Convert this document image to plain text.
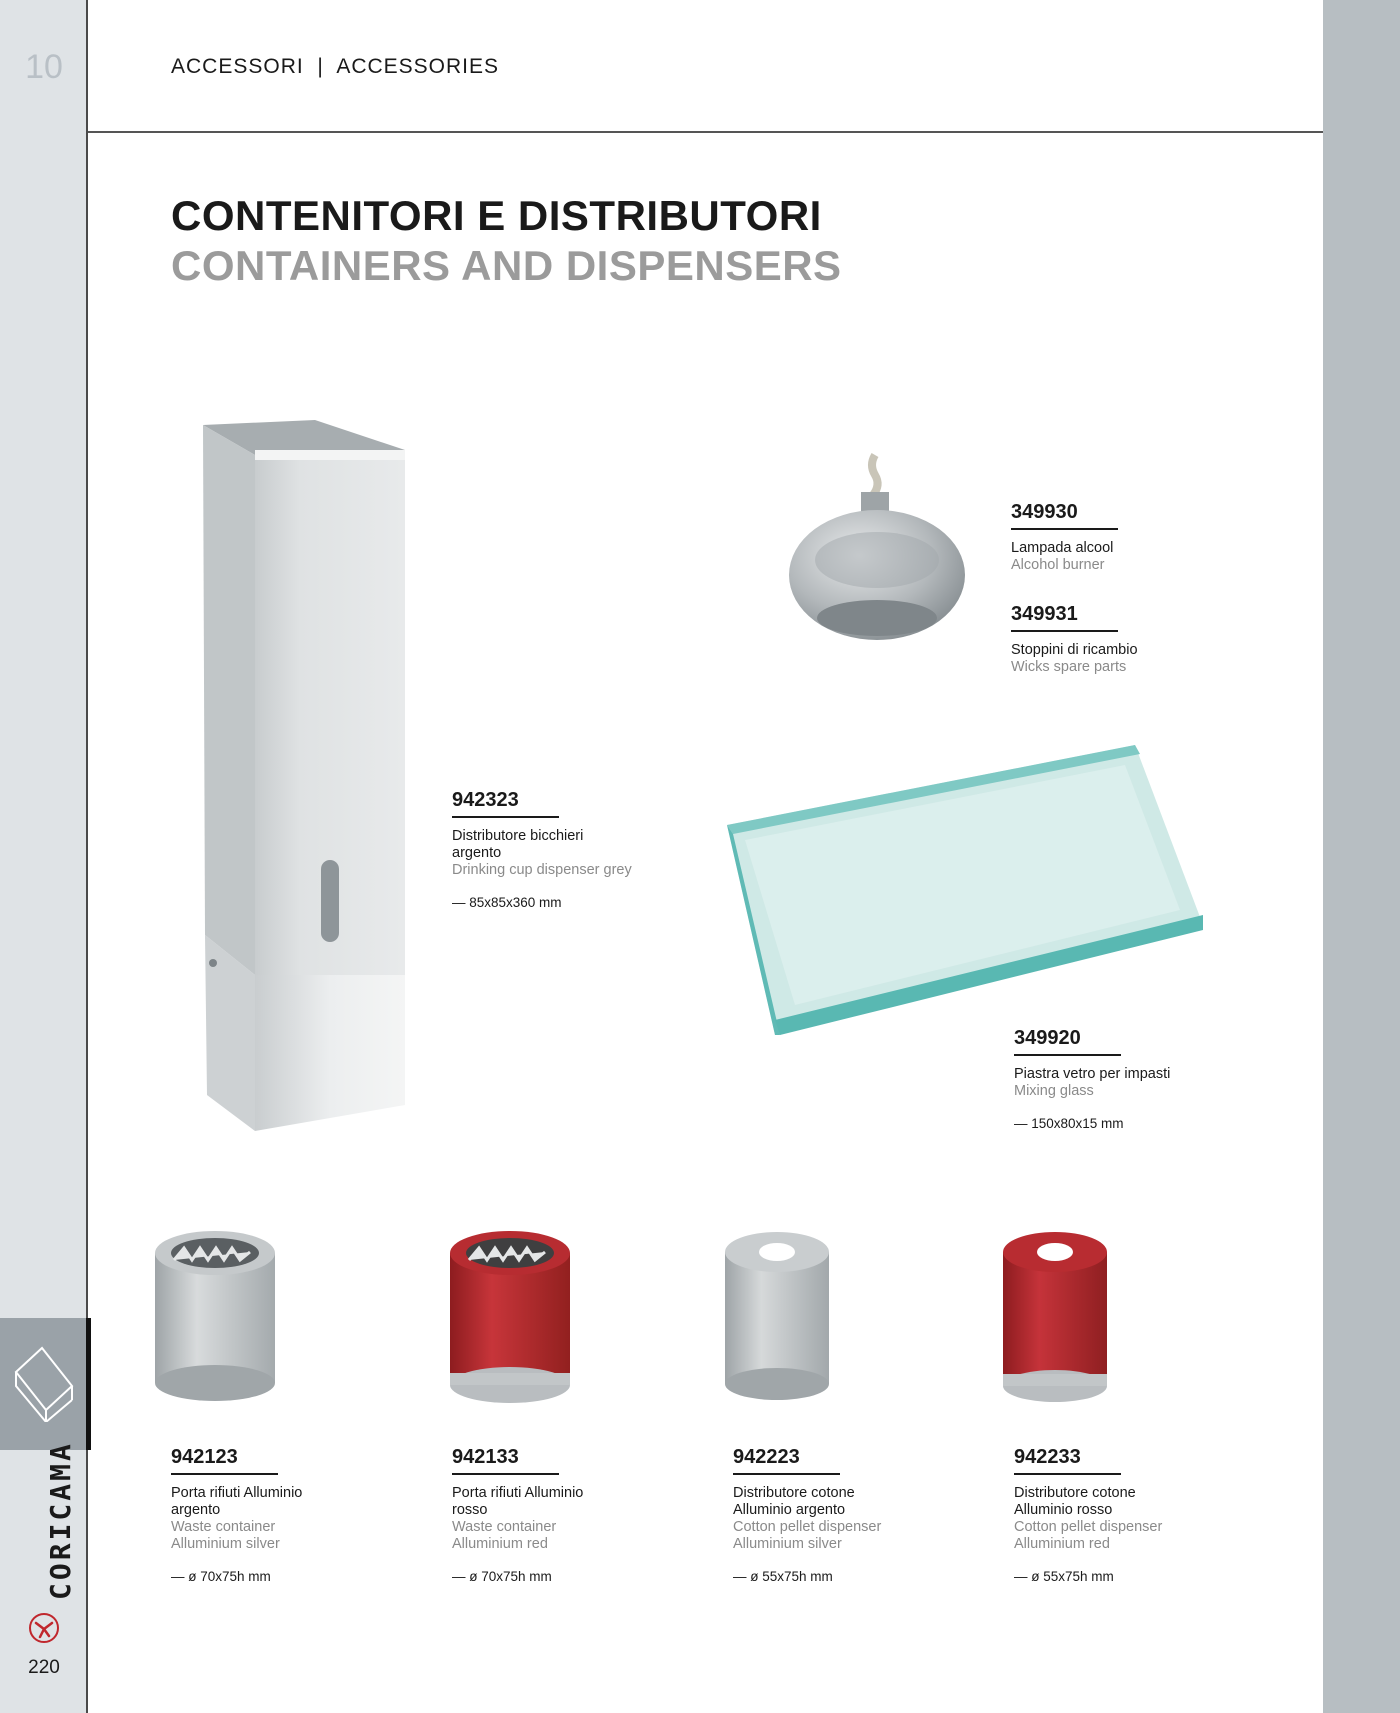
10
CORICAMA
220
ACCESSORI  |  ACCESSORIES
CONTENITORI E DISTRIBUTORI
CONTAINERS AND DISPENSERS
942323
Distributore bicchieri argento
Drinking cup dispenser grey
— 85x85x360 mm
349930
Lampada alcool
Alcohol burner
349931
Stoppini di ricambio
Wicks spare parts
349920
Piastra vetro per impasti
Mixing glass
— 150x80x15 mm
942123
Porta rifiuti Alluminio argento
Waste container Alluminium silver
— ø 70x75h mm
942133
Porta rifiuti Alluminio rosso
Waste container Alluminium red
— ø 70x75h mm
942223
Distributore cotone Alluminio argento
Cotton pellet dispenser Alluminium silver
— ø 55x75h mm
942233
Distributore cotone Alluminio rosso
Cotton pellet dispenser Alluminium red
— ø 55x75h mm
